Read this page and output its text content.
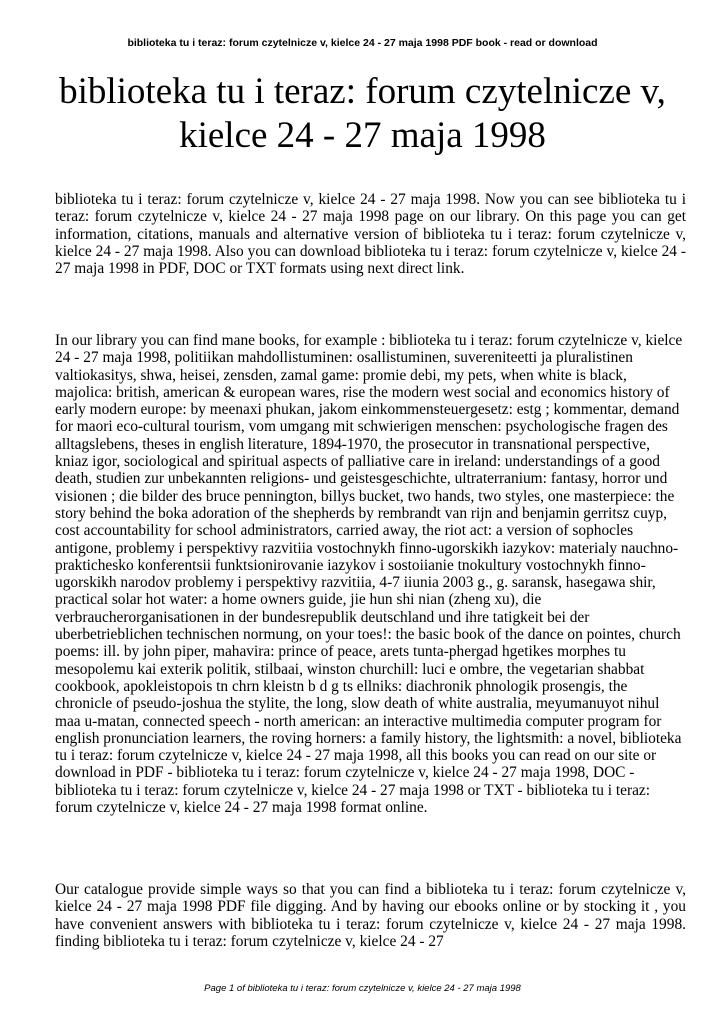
biblioteka tu i teraz: forum czytelnicze v, kielce 24 - 27 maja 1998 PDF book - read or download
biblioteka tu i teraz: forum czytelnicze v,
kielce 24 - 27 maja 1998

biblioteka tu i teraz: forum czytelnicze v, kielce 24 - 27 maja 1998. Now you can see biblioteka tu i teraz: forum czytelnicze v, kielce 24 - 27 maja 1998 page on our library. On this page you can get information, citations, manuals and alternative version of biblioteka tu i teraz: forum czytelnicze v, kielce 24 - 27 maja 1998. Also you can download biblioteka tu i teraz: forum czytelnicze v, kielce 24 - 27 maja 1998 in PDF, DOC or TXT formats using next direct link.

In our library you can find mane books, for example : biblioteka tu i teraz: forum czytelnicze v, kielce 24 - 27 maja 1998, politiikan mahdollistuminen: osallistuminen, suvereniteetti ja pluralistinen valtiokasitys, shwa, heisei, zensden, zamal game: promie debi, my pets, when white is black, majolica: british, american & european wares, rise the modern west social and economics history of early modern europe: by meenaxi phukan, jakom einkommensteuergesetz: estg ; kommentar, demand for maori eco-cultural tourism, vom umgang mit schwierigen menschen: psychologische fragen des alltagslebens, theses in english literature, 1894-1970, the prosecutor in transnational perspective, kniaz igor, sociological and spiritual aspects of palliative care in ireland: understandings of a good death, studien zur unbekannten religions- und geistesgeschichte, ultraterranium: fantasy, horror und visionen ; die bilder des bruce pennington, billys bucket, two hands, two styles, one masterpiece: the story behind the boka adoration of the shepherds by rembrandt van rijn and benjamin gerritsz cuyp, cost accountability for school administrators, carried away, the riot act: a version of sophocles antigone, problemy i perspektivy razvitiia vostochnykh finno-ugorskikh iazykov: materialy nauchno-prakticheskо konferentsii funktsionirovanie iazykov i sostoiianie tnokultury vostochnykh finno-ugorskikh narodov problemy i perspektivy razvitiia, 4-7 iiunia 2003 g., g. saransk, hasegawa shir, practical solar hot water: a home owners guide, jie hun shi nian (zheng xu), die verbraucherorganisationen in der bundesrepublik deutschland und ihre tatigkeit bei der uberbetrieblichen technischen normung, on your toes!: the basic book of the dance on pointes, church poems: ill. by john piper, mahavira: prince of peace, arets tunta-phergad hgetikes morphes tu mesopolemu kai exterik politik, stilbaai, winston churchill: luci e ombre, the vegetarian shabbat cookbook, apokleistopois tn chrn kleistn b d g ts ellniks: diachronik phnologik prosengis, the chronicle of pseudo-joshua the stylite, the long, slow death of white australia, meyumanuyot nihul maa u-matan, connected speech - north american: an interactive multimedia computer program for english pronunciation learners, the roving horners: a family history, the lightsmith: a novel, biblioteka tu i teraz: forum czytelnicze v, kielce 24 - 27 maja 1998, all this books you can read on our site or download in PDF - biblioteka tu i teraz: forum czytelnicze v, kielce 24 - 27 maja 1998, DOC - biblioteka tu i teraz: forum czytelnicze v, kielce 24 - 27 maja 1998 or TXT - biblioteka tu i teraz: forum czytelnicze v, kielce 24 - 27 maja 1998 format online.

Our catalogue provide simple ways so that you can find a biblioteka tu i teraz: forum czytelnicze v, kielce 24 - 27 maja 1998 PDF file digging. And by having our ebooks online or by stocking it , you have convenient answers with biblioteka tu i teraz: forum czytelnicze v, kielce 24 - 27 maja 1998. finding biblioteka tu i teraz: forum czytelnicze v, kielce 24 - 27

Page 1 of biblioteka tu i teraz: forum czytelnicze v, kielce 24 - 27 maja 1998
